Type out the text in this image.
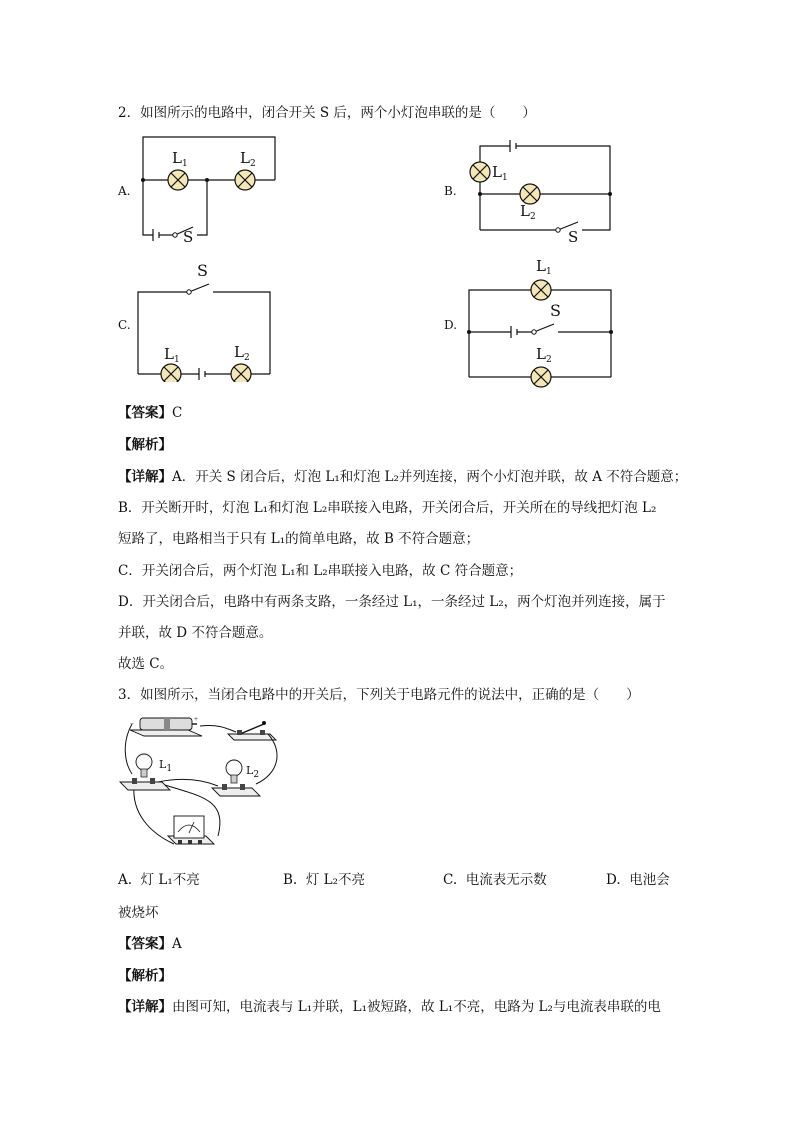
2．如图所示的电路中，闭合开关 S 后，两个小灯泡串联的是（　　）
A.
$L_1$	$L_2$
S
B.
$L_1$
$L_2$
S
C.
S
$L_1$	$L_2$
D.
$L_1$
S
$L_2$
【答案】C
【解析】
【详解】A．开关 S 闭合后，灯泡 L₁和灯泡 L₂并列连接，两个小灯泡并联，故 A 不符合题意；
B．开关断开时，灯泡 L₁和灯泡 L₂串联接入电路，开关闭合后，开关所在的导线把灯泡 L₂
短路了，电路相当于只有 L₁的简单电路，故 B 不符合题意；
C．开关闭合后，两个灯泡 L₁和 L₂串联接入电路，故 C 符合题意；
D．开关闭合后，电路中有两条支路，一条经过 L₁，一条经过 L₂，两个灯泡并列连接，属于
并联，故 D 不符合题意。
故选 C。
3．如图所示，当闭合电路中的开关后，下列关于电路元件的说法中，正确的是（　　）
+
−
$L_1$	$L_2$
A. 灯 L₁不亮	B. 灯 L₂不亮	C. 电流表无示数	D. 电池会
被烧坏
【答案】A
【解析】
【详解】由图可知，电流表与 L₁并联，L₁被短路，故 L₁不亮，电路为 L₂与电流表串联的电
